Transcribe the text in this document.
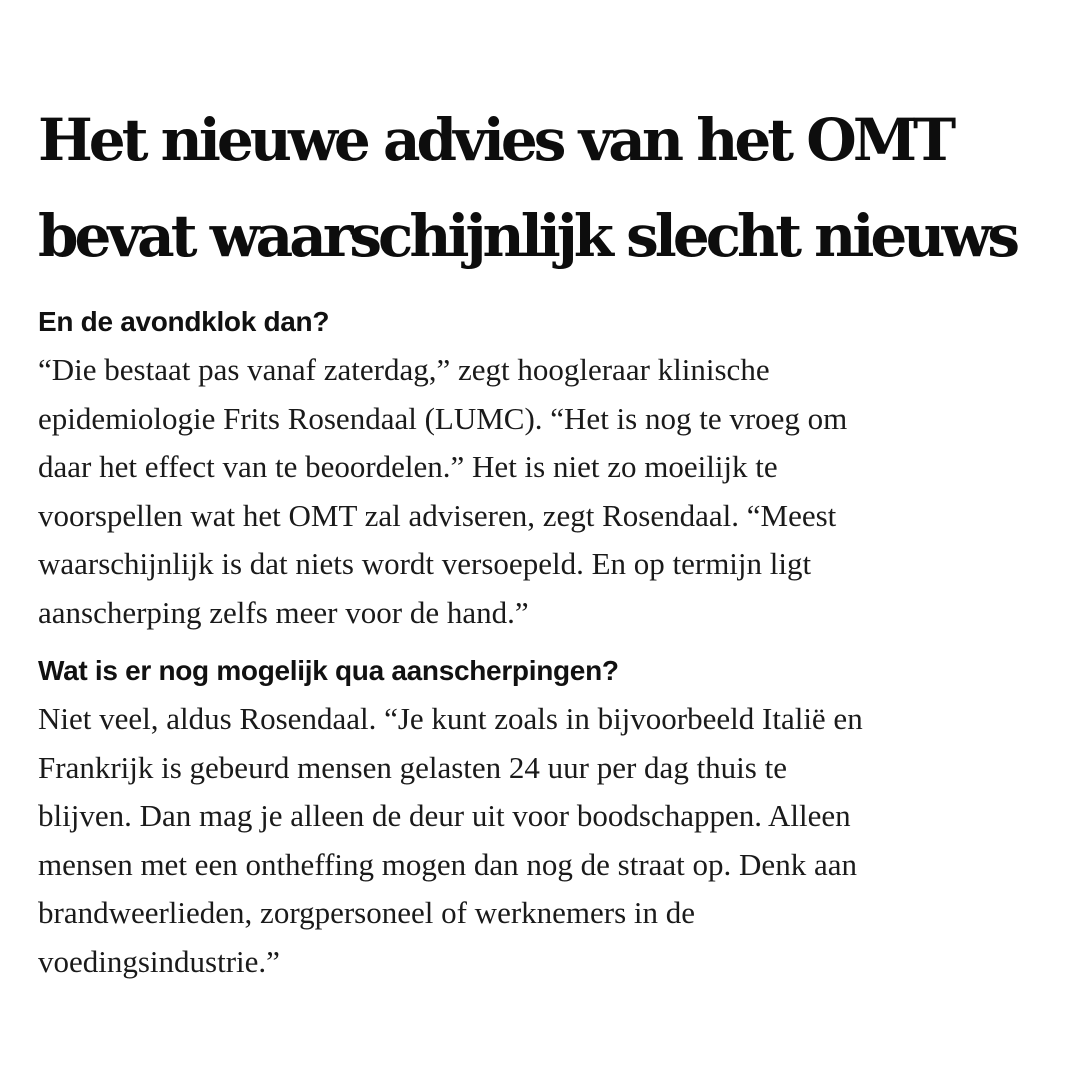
Het nieuwe advies van het OMT
bevat waarschijnlijk slecht nieuws
En de avondklok dan?

“Die bestaat pas vanaf zaterdag,” zegt hoogleraar klinische
epidemiologie Frits Rosendaal (LUMC). “Het is nog te vroeg om
daar het effect van te beoordelen.” Het is niet zo moeilijk te
voorspellen wat het OMT zal adviseren, zegt Rosendaal. “Meest
waarschijnlijk is dat niets wordt versoepeld. En op termijn ligt
aanscherping zelfs meer voor de hand.”

Wat is er nog mogelijk qua aanscherpingen?

Niet veel, aldus Rosendaal. “Je kunt zoals in bijvoorbeeld Italië en
Frankrijk is gebeurd mensen gelasten 24 uur per dag thuis te
blijven. Dan mag je alleen de deur uit voor boodschappen. Alleen
mensen met een ontheffing mogen dan nog de straat op. Denk aan
brandweerlieden, zorgpersoneel of werknemers in de
voedingsindustrie.”
